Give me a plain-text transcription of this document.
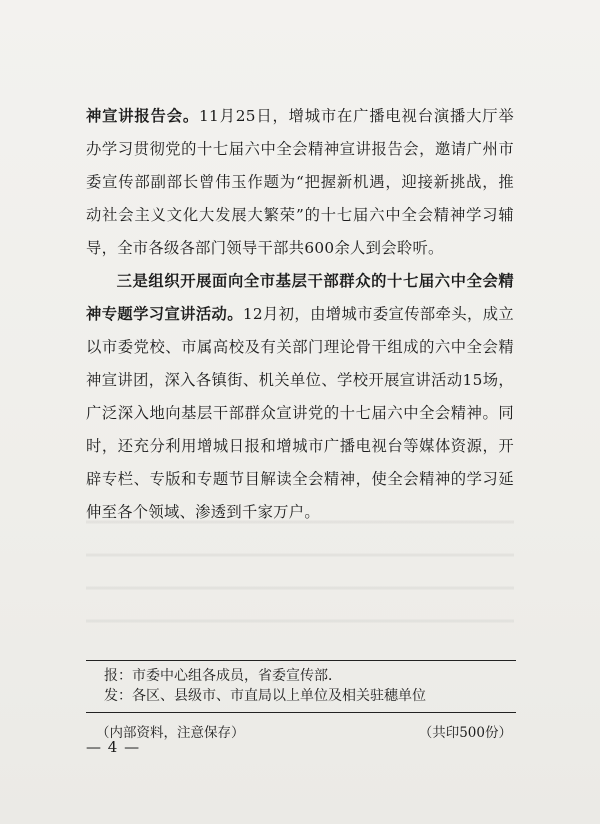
神宣讲报告会。11月25日，增城市在广播电视台演播大厅举办学习贯彻党的十七届六中全会精神宣讲报告会，邀请广州市委宣传部副部长曾伟玉作题为“把握新机遇，迎接新挑战，推动社会主义文化大发展大繁荣”的十七届六中全会精神学习辅导，全市各级各部门领导干部共600余人到会聆听。

三是组织开展面向全市基层干部群众的十七届六中全会精神专题学习宣讲活动。12月初，由增城市委宣传部牵头，成立以市委党校、市属高校及有关部门理论骨干组成的六中全会精神宣讲团，深入各镇街、机关单位、学校开展宣讲活动15场，广泛深入地向基层干部群众宣讲党的十七届六中全会精神。同时，还充分利用增城日报和增城市广播电视台等媒体资源，开辟专栏、专版和专题节目解读全会精神，使全会精神的学习延伸至各个领域、渗透到千家万户。

报：市委中心组各成员，省委宣传部．

发：各区、县级市、市直局以上单位及相关驻穗单位

（内部资料，注意保存）	（共印500份）
— 4 —
